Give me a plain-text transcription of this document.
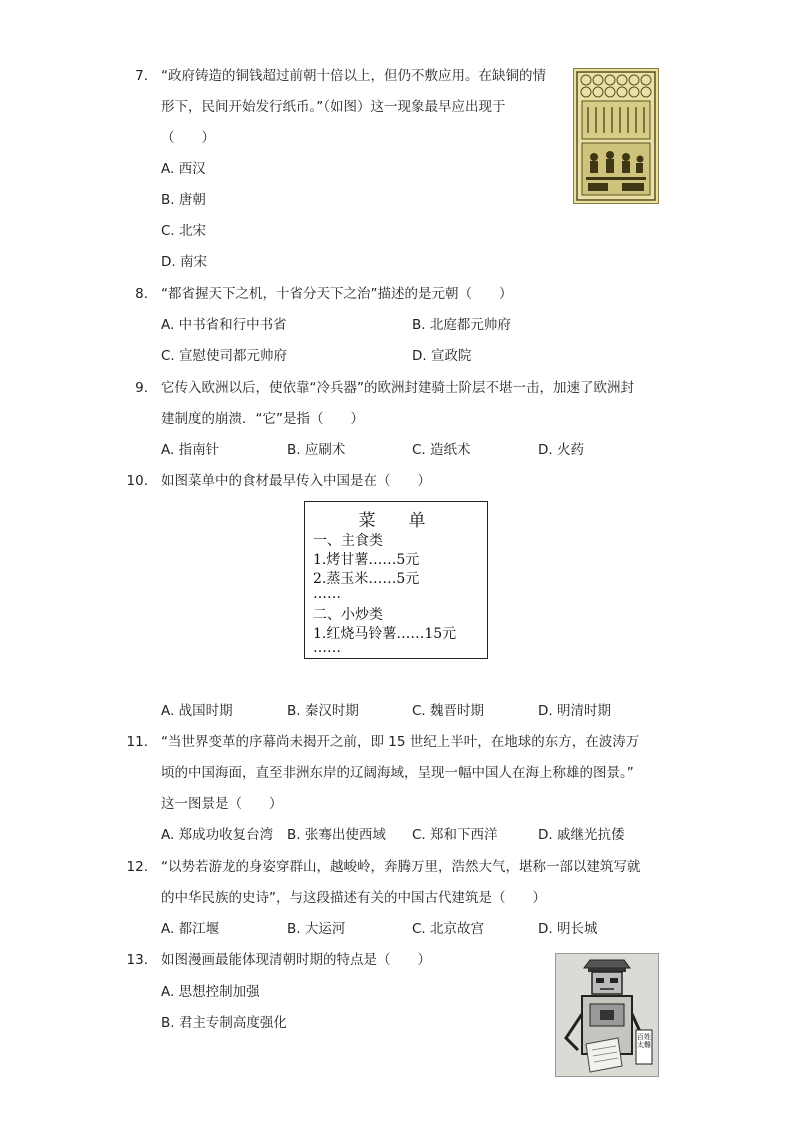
7. “政府铸造的铜钱超过前朝十倍以上，但仍不敷应用。在缺铜的情
形下，民间开始发行纸币。”（如图）这一现象最早应出现于
（　　）
A. 西汉
B. 唐朝
C. 北宋
D. 南宋
8. “都省握天下之机，十省分天下之治”描述的是元朝（　　）
A. 中书省和行中书省	B. 北庭都元帅府
C. 宣慰使司都元帅府	D. 宣政院
9. 它传入欧洲以后，使依靠“冷兵器”的欧洲封建骑士阶层不堪一击，加速了欧洲封
建制度的崩溃．“它”是指（　　）
A. 指南针	B. 应刷术	C. 造纸术	D. 火药
10. 如图菜单中的食材最早传入中国是在（　　）
菜　单
一、主食类
1.烤甘薯……5元
2.蒸玉米……5元
……
二、小炒类
1.红烧马铃薯……15元
……
A. 战国时期	B. 秦汉时期	C. 魏晋时期	D. 明清时期
11. “当世界变革的序幕尚未揭开之前，即 15 世纪上半叶，在地球的东方，在波涛万
顷的中国海面，直至非洲东岸的辽阔海域，呈现一幅中国人在海上称雄的图景。”
这一图景是（　　）
A. 郑成功收复台湾 B. 张骞出使西域 C. 郑和下西洋	D. 戚继光抗倭
12. “以势若游龙的身姿穿群山，越峻岭，奔腾万里，浩然大气，堪称一部以建筑写就
的中华民族的史诗”，与这段描述有关的中国古代建筑是（　　）
A. 都江堰	B. 大运河	C. 北京故宫	D. 明长城
13. 如图漫画最能体现清朝时期的特点是（　　）
A. 思想控制加强
B. 君主专制高度强化
百姓太難
